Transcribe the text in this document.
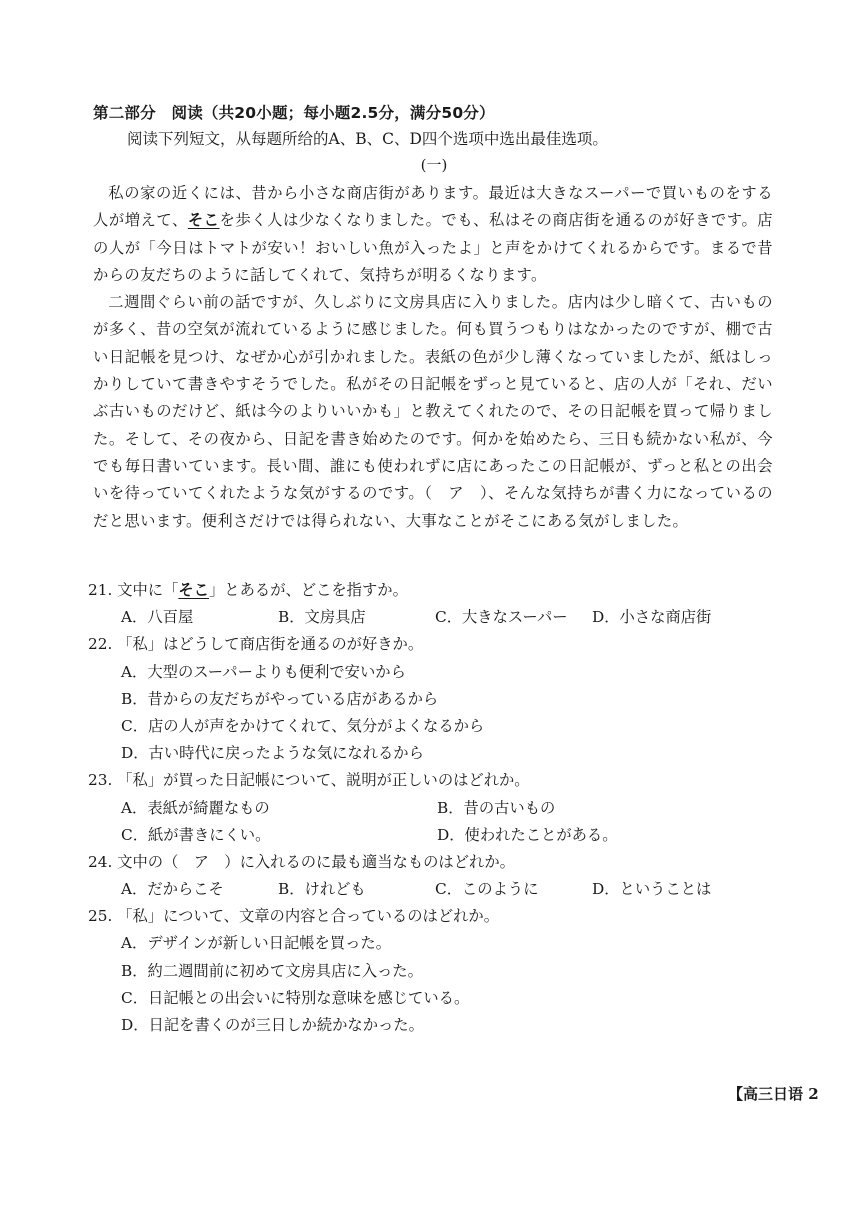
第二部分　阅读（共20小题；每小题2.5分，满分50分）
阅读下列短文，从每题所给的A、B、C、D四个选项中选出最佳选项。
(一)

私の家の近くには、昔から小さな商店街があります。最近は大きなスーパーで買いものをする人が増えて、そこを歩く人は少なくなりました。でも、私はその商店街を通るのが好きです。店の人が「今日はトマトが安い！おいしい魚が入ったよ」と声をかけてくれるからです。まるで昔からの友だちのように話してくれて、気持ちが明るくなります。

二週間ぐらい前の話ですが、久しぶりに文房具店に入りました。店内は少し暗くて、古いものが多く、昔の空気が流れているように感じました。何も買うつもりはなかったのですが、棚で古い日記帳を見つけ、なぜか心が引かれました。表紙の色が少し薄くなっていましたが、紙はしっかりしていて書きやすそうでした。私がその日記帳をずっと見ていると、店の人が「それ、だいぶ古いものだけど、紙は今のよりいいかも」と教えてくれたので、その日記帳を買って帰りました。そして、その夜から、日記を書き始めたのです。何かを始めたら、三日も続かない私が、今でも毎日書いています。長い間、誰にも使われずに店にあったこの日記帳が、ずっと私との出会いを待っていてくれたような気がするのです。（　ア　）、そんな気持ちが書く力になっているのだと思います。便利さだけでは得られない、大事なことがそこにある気がしました。

21. 文中に「そこ」とあるが、どこを指すか。
A．八百屋	B．文房具店	C．大きなスーパー D．小さな商店街
22. 「私」はどうして商店街を通るのが好きか。
A．大型のスーパーよりも便利で安いから
B．昔からの友だちがやっている店があるから
C．店の人が声をかけてくれて、気分がよくなるから
D．古い時代に戻ったような気になれるから
23. 「私」が買った日記帳について、説明が正しいのはどれか。
A．表紙が綺麗なもの	B．昔の古いもの
C．紙が書きにくい。	D．使われたことがある。
24. 文中の（　ア　）に入れるのに最も適当なものはどれか。
A．だからこそ	B．けれども	C．このように	D．ということは
25. 「私」について、文章の内容と合っているのはどれか。
A．デザインが新しい日記帳を買った。
B．約二週間前に初めて文房具店に入った。
C．日記帳との出会いに特別な意味を感じている。
D．日記を書くのが三日しか続かなかった。
【高三日语 2
